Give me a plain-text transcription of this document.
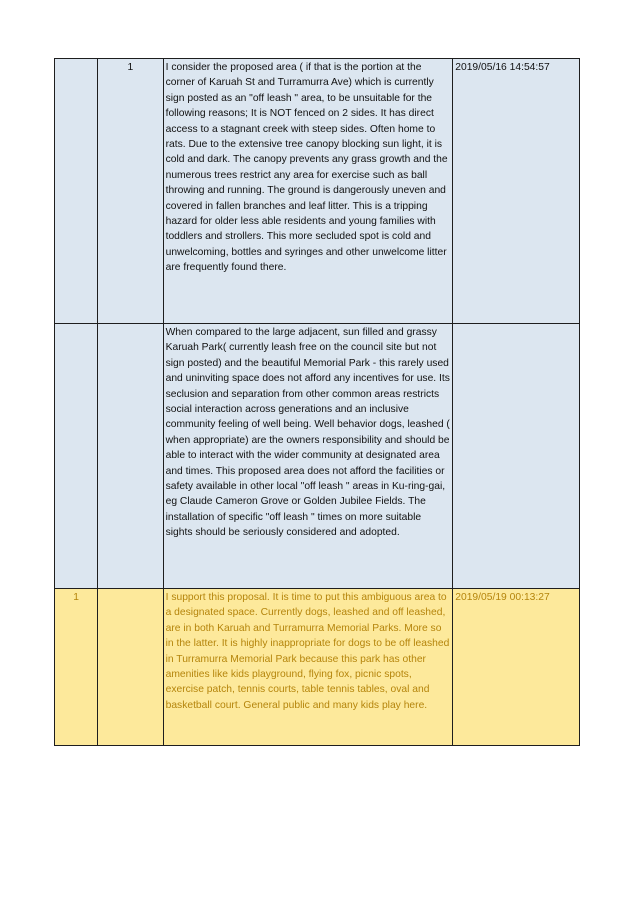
	1	I consider the proposed area ( if that is the portion at the corner of Karuah St and Turramurra Ave) which is currently sign posted as an "off leash " area, to be unsuitable for the following reasons; It is NOT fenced on 2 sides. It has direct access to a stagnant creek with steep sides. Often home to rats. Due to the extensive tree canopy blocking sun light, it is cold and dark. The canopy prevents any grass growth and the numerous trees restrict any area for exercise such as ball throwing and running. The ground is dangerously uneven and covered in fallen branches and leaf litter. This is a tripping hazard for older less able residents and young families with toddlers and strollers. This more secluded spot is cold and unwelcoming, bottles and syringes and other unwelcome litter are frequently found there.	2019/05/16 14:54:57

		When compared to the large adjacent, sun filled and grassy Karuah Park( currently leash free on the council site but not sign posted) and the beautiful Memorial Park - this rarely used and uninviting space does not afford any incentives for use. Its seclusion and separation from other common areas restricts social interaction across generations and an inclusive community feeling of well being. Well behavior dogs, leashed ( when appropriate) are the owners responsibility and should be able to interact with the wider community at designated area and times. This proposed area does not afford the facilities or safety available in other local "off leash " areas in Ku-ring-gai, eg Claude Cameron Grove or Golden Jubilee Fields. The installation of specific "off leash " times on more suitable sights should be seriously considered and adopted.	

1		I support this proposal. It is time to put this ambiguous area to a designated space. Currently dogs, leashed and off leashed, are in both Karuah and Turramurra Memorial Parks. More so in the latter. It is highly inappropriate for dogs to be off leashed in Turramurra Memorial Park because this park has other amenities like kids playground, flying fox, picnic spots, exercise patch, tennis courts, table tennis tables, oval and basketball court. General public and many kids play here.	2019/05/19 00:13:27
